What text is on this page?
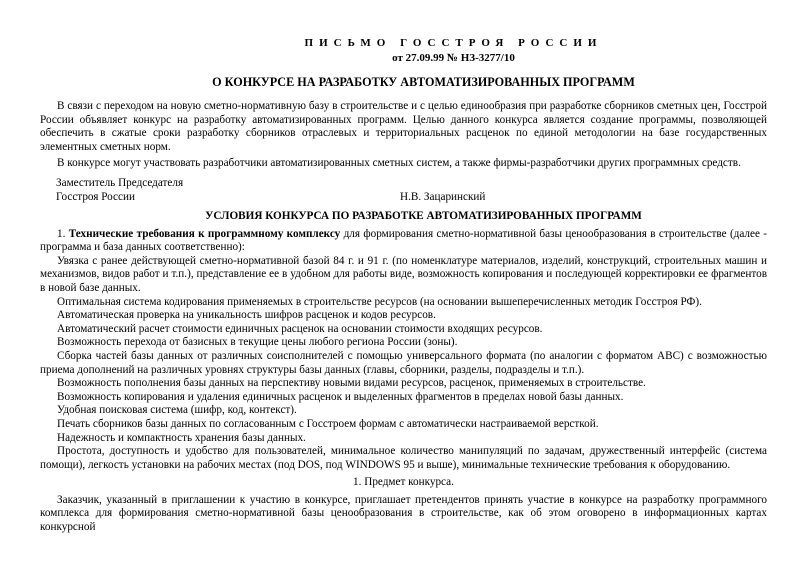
ПИСЬМО ГОССТРОЯ РОССИИ
от 27.09.99 № НЗ-3277/10
О КОНКУРСЕ НА РАЗРАБОТКУ АВТОМАТИЗИРОВАННЫХ ПРОГРАММ

В связи с переходом на новую сметно-нормативную базу в строительстве и с целью единообразия при разработке сборников сметных цен, Госстрой России объявляет конкурс на разработку автоматизированных программ. Целью данного конкурса является создание программы, позволяющей обеспечить в сжатые сроки разработку сборников отраслевых и территориальных расценок по единой методологии на базе государственных элементных сметных норм.

В конкурсе могут участвовать разработчики автоматизированных сметных систем, а также фирмы-разработчики других программных средств.

Заместитель Председателя
Госстроя России	Н.В. Зацаринский
УСЛОВИЯ КОНКУРСА ПО РАЗРАБОТКЕ АВТОМАТИЗИРОВАННЫХ ПРОГРАММ

1. Технические требования к программному комплексу для формирования сметно-нормативной базы ценообразования в строительстве (далее - программа и база данных соответственно):

Увязка с ранее действующей сметно-нормативной базой 84 г. и 91 г. (по номенклатуре материалов, изделий, конструкций, строительных машин и механизмов, видов работ и т.п.), представление ее в удобном для работы виде, возможность копирования и последующей корректировки ее фрагментов в новой базе данных.

Оптимальная система кодирования применяемых в строительстве ресурсов (на основании вышеперечисленных методик Госстроя РФ).

Автоматическая проверка на уникальность шифров расценок и кодов ресурсов.

Автоматический расчет стоимости единичных расценок на основании стоимости входящих ресурсов.

Возможность перехода от базисных в текущие цены любого региона России (зоны).

Сборка частей базы данных от различных соисполнителей с помощью универсального формата (по аналогии с форматом АВС) с возможностью приема дополнений на различных уровнях структуры базы данных (главы, сборники, разделы, подразделы и т.п.).

Возможность пополнения базы данных на перспективу новыми видами ресурсов, расценок, применяемых в строительстве.

Возможность копирования и удаления единичных расценок и выделенных фрагментов в пределах новой базы данных.

Удобная поисковая система (шифр, код, контекст).

Печать сборников базы данных по согласованным с Госстроем формам с автоматически настраиваемой версткой.

Надежность и компактность хранения базы данных.

Простота, доступность и удобство для пользователей, минимальное количество манипуляций по задачам, дружественный интерфейс (система помощи), легкость установки на рабочих местах (под DOS, под WINDOWS 95 и выше), минимальные технические требования к оборудованию.

1. Предмет конкурса.

Заказчик, указанный в приглашении к участию в конкурсе, приглашает претендентов принять участие в конкурсе на разработку программного комплекса для формирования сметно-нормативной базы ценообразования в строительстве, как об этом оговорено в информационных картах конкурсной
